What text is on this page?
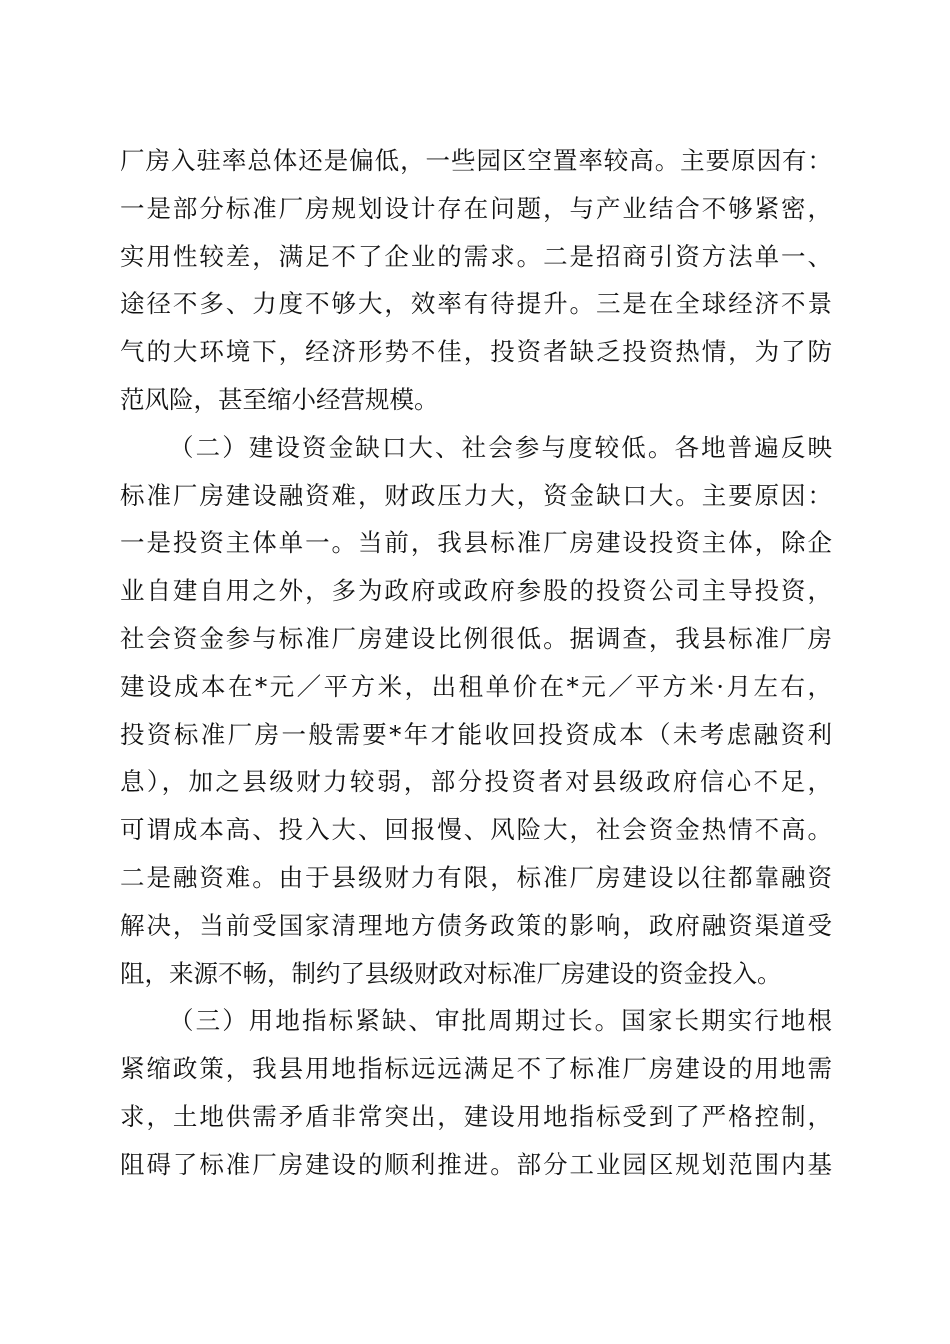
厂房入驻率总体还是偏低，一些园区空置率较高。主要原因有：
一是部分标准厂房规划设计存在问题，与产业结合不够紧密，
实用性较差，满足不了企业的需求。二是招商引资方法单一、
途径不多、力度不够大，效率有待提升。三是在全球经济不景
气的大环境下，经济形势不佳，投资者缺乏投资热情，为了防
范风险，甚至缩小经营规模。
（二）建设资金缺口大、社会参与度较低。各地普遍反映
标准厂房建设融资难，财政压力大，资金缺口大。主要原因：
一是投资主体单一。当前，我县标准厂房建设投资主体，除企
业自建自用之外，多为政府或政府参股的投资公司主导投资，
社会资金参与标准厂房建设比例很低。据调查，我县标准厂房
建设成本在*元／平方米，出租单价在*元／平方米·月左右，
投资标准厂房一般需要*年才能收回投资成本（未考虑融资利
息），加之县级财力较弱，部分投资者对县级政府信心不足，
可谓成本高、投入大、回报慢、风险大，社会资金热情不高。
二是融资难。由于县级财力有限，标准厂房建设以往都靠融资
解决，当前受国家清理地方债务政策的影响，政府融资渠道受
阻，来源不畅，制约了县级财政对标准厂房建设的资金投入。
（三）用地指标紧缺、审批周期过长。国家长期实行地根
紧缩政策，我县用地指标远远满足不了标准厂房建设的用地需
求，土地供需矛盾非常突出，建设用地指标受到了严格控制，
阻碍了标准厂房建设的顺利推进。部分工业园区规划范围内基
